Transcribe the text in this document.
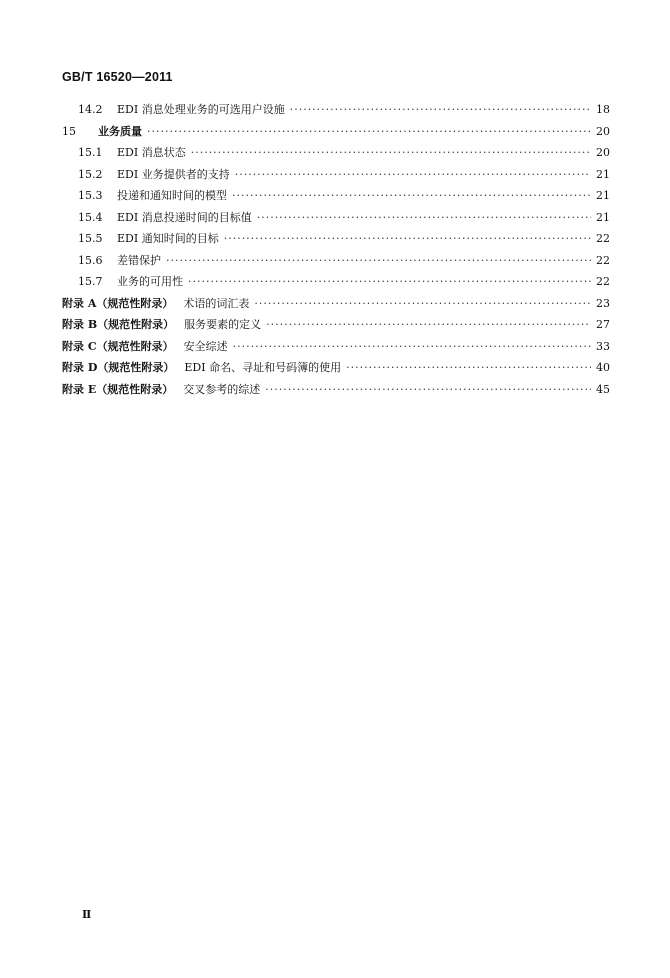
GB/T 16520—2011
14.2	EDI 消息处理业务的可选用户设施 ·····	18
15	业务质量 ·····	20
15.1	EDI 消息状态 ·····	20
15.2	EDI 业务提供者的支持 ·····	21
15.3	投递和通知时间的模型 ·····	21
15.4	EDI 消息投递时间的目标值 ·····	21
15.5	EDI 通知时间的目标 ·····	22
15.6	差错保护 ·····	22
15.7	业务的可用性 ·····	22
附录 A（规范性附录） 术语的词汇表 ·····	23
附录 B（规范性附录） 服务要素的定义 ·····	27
附录 C（规范性附录） 安全综述 ·····	33
附录 D（规范性附录） EDI 命名、寻址和号码簿的使用 ·····	40
附录 E（规范性附录） 交叉参考的综述 ·····	45
Ⅱ
